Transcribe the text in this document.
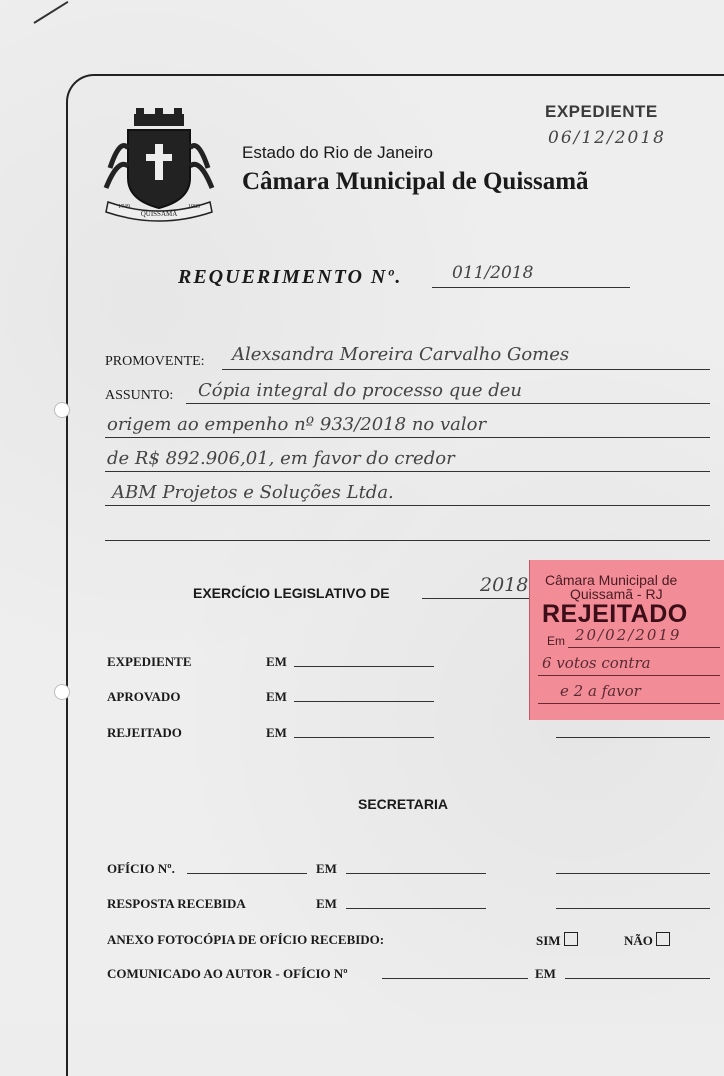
QUISSAMÃ
1749	1989
Estado do Rio de Janeiro
Câmara Municipal de Quissamã
EXPEDIENTE
06/12/2018
REQUERIMENTO Nº.	011/2018
PROMOVENTE: Alexsandra Moreira Carvalho Gomes
ASSUNTO: Cópia integral do processo que deu
origem ao empenho nº 933/2018 no valor
de R$ 892.906,01, em favor do credor
ABM Projetos e Soluções Ltda.
EXERCÍCIO LEGISLATIVO DE	2018
EXPEDIENTE	EM
APROVADO	EM
REJEITADO	EM
SECRETARIA
OFÍCIO Nº.	EM
RESPOSTA RECEBIDA	EM
ANEXO FOTOCÓPIA DE OFÍCIO RECEBIDO:	SIM	NÃO
COMUNICADO AO AUTOR - OFÍCIO Nº	EM
Câmara Municipal de
Quissamã - RJ
REJEITADO
Em 20/02/2019
6 votos contra
e 2 a favor
